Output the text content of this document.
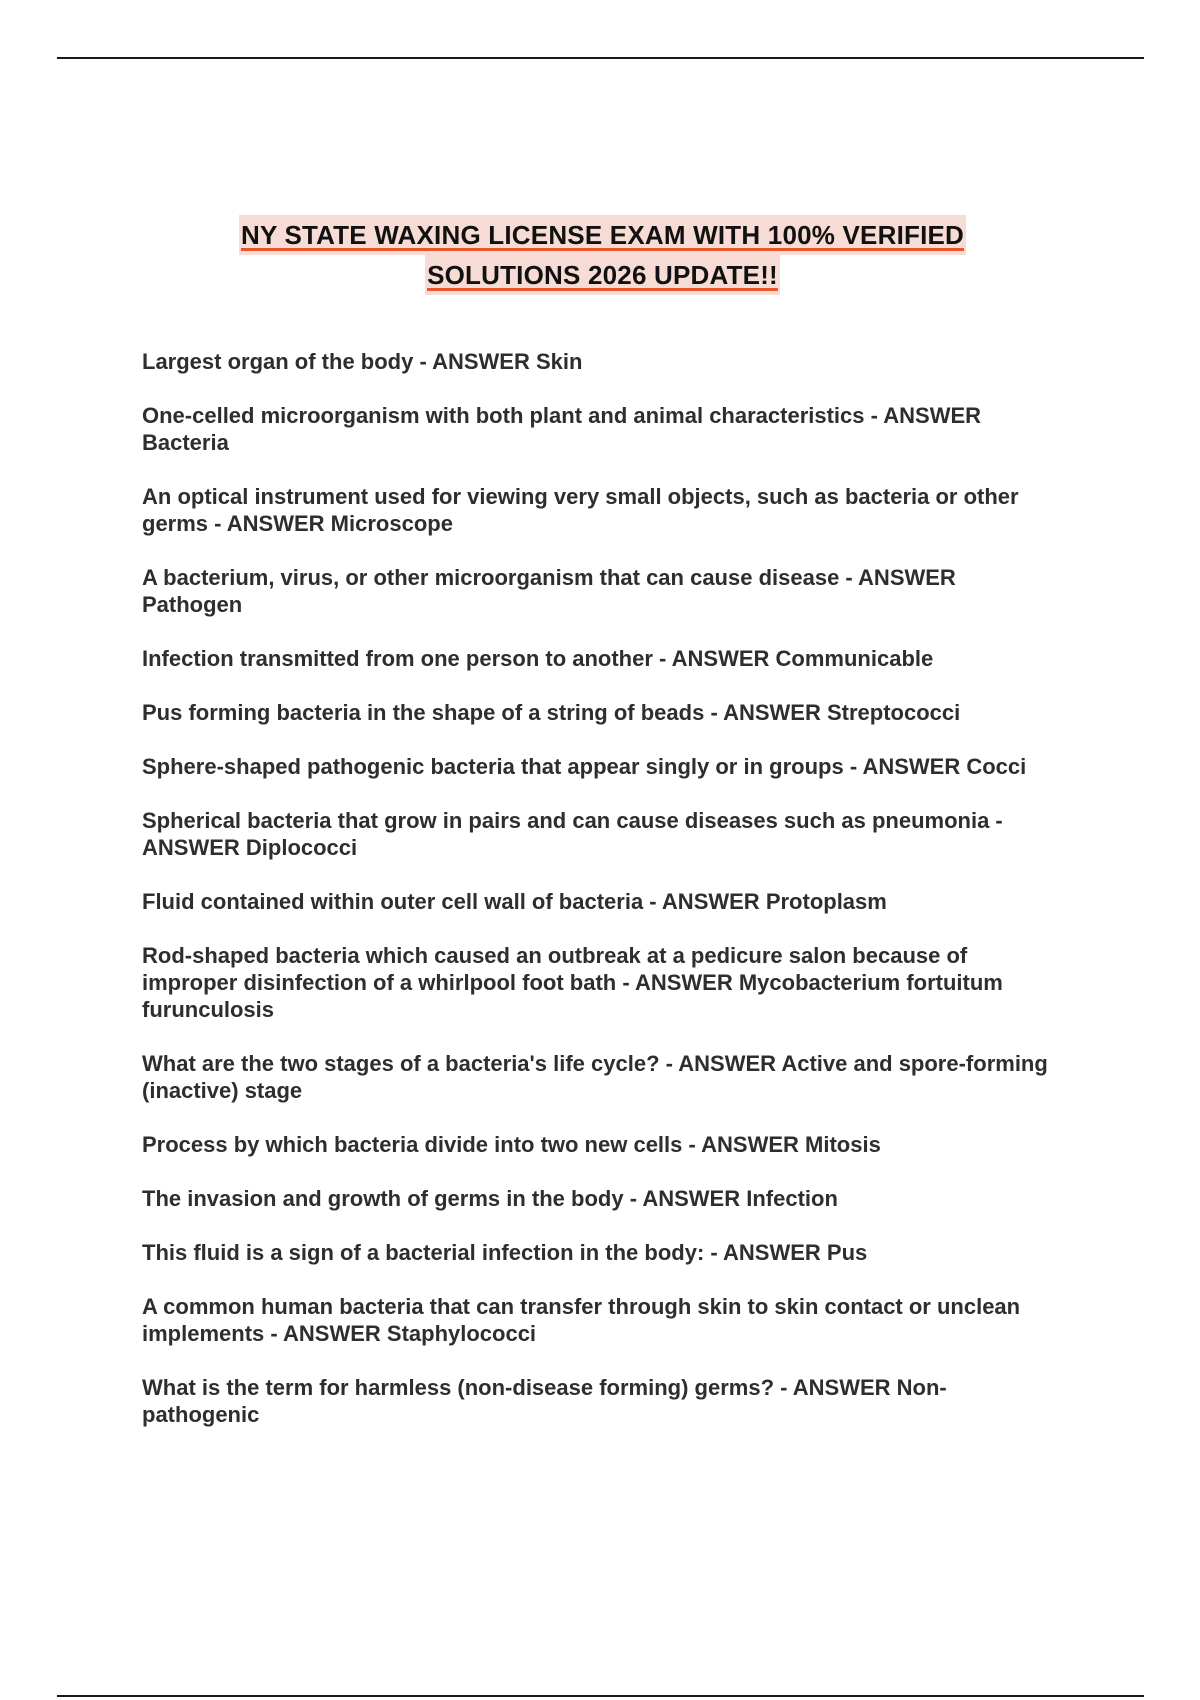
NY STATE WAXING LICENSE EXAM WITH 100% VERIFIED
SOLUTIONS 2026 UPDATE!!
Largest organ of the body - ANSWER Skin
One-celled microorganism with both plant and animal characteristics - ANSWER Bacteria
An optical instrument used for viewing very small objects, such as bacteria or other germs - ANSWER Microscope
A bacterium, virus, or other microorganism that can cause disease - ANSWER Pathogen
Infection transmitted from one person to another - ANSWER Communicable
Pus forming bacteria in the shape of a string of beads - ANSWER Streptococci
Sphere-shaped pathogenic bacteria that appear singly or in groups - ANSWER Cocci
Spherical bacteria that grow in pairs and can cause diseases such as pneumonia - ANSWER Diplococci
Fluid contained within outer cell wall of bacteria - ANSWER Protoplasm
Rod-shaped bacteria which caused an outbreak at a pedicure salon because of improper disinfection of a whirlpool foot bath - ANSWER Mycobacterium fortuitum furunculosis
What are the two stages of a bacteria's life cycle? - ANSWER Active and spore-forming (inactive) stage
Process by which bacteria divide into two new cells - ANSWER Mitosis
The invasion and growth of germs in the body - ANSWER Infection
This fluid is a sign of a bacterial infection in the body: - ANSWER Pus
A common human bacteria that can transfer through skin to skin contact or unclean implements - ANSWER Staphylococci
What is the term for harmless (non-disease forming) germs? - ANSWER Non-pathogenic
